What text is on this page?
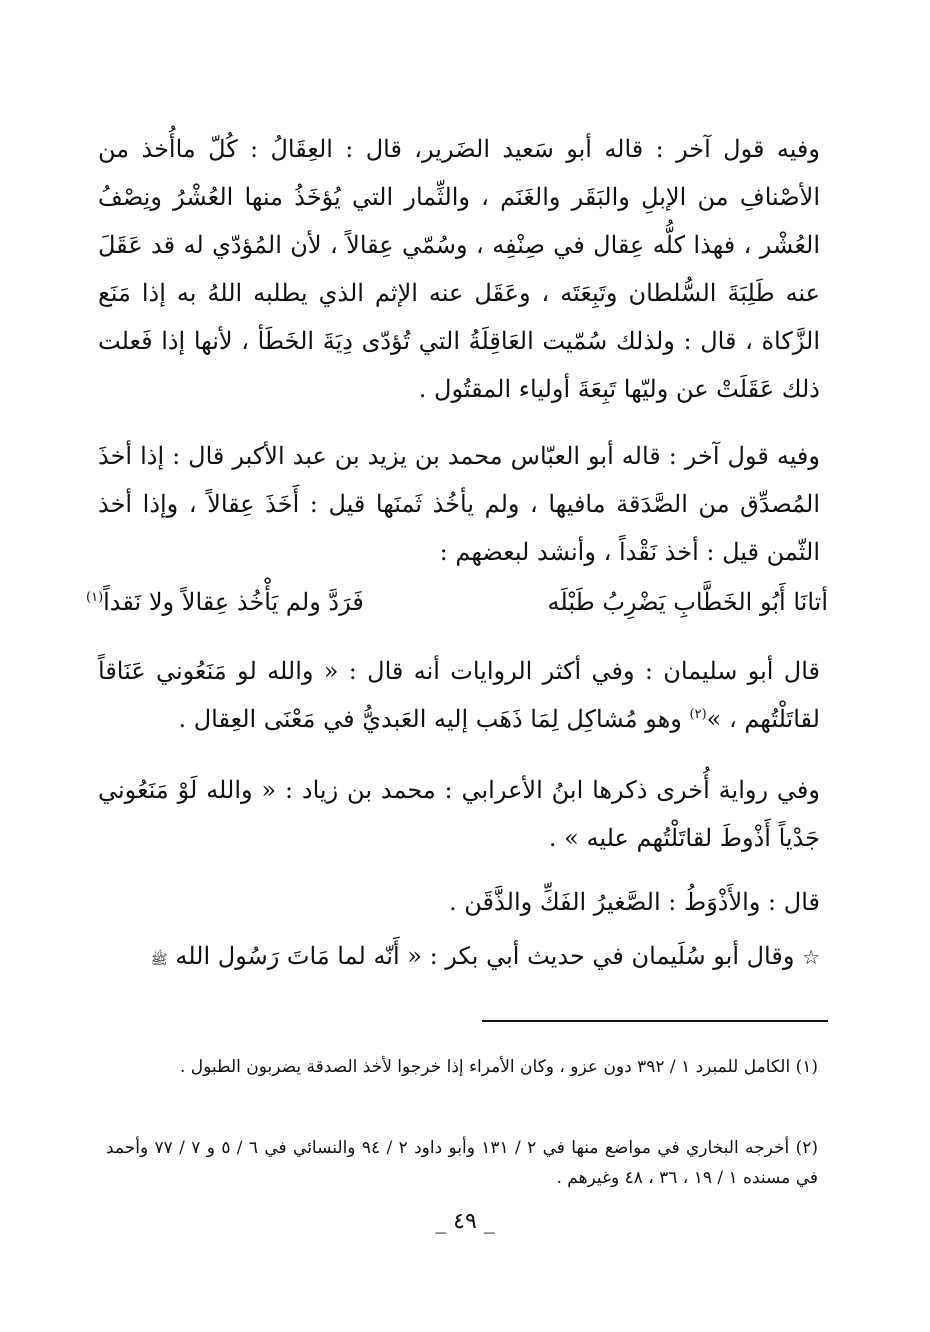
وفيه قول آخر : قاله أبو سَعيد الضَرير، قال : العِقَالُ : كُلّ ماأُخذ من الأصْنافِ من الإبلِ والبَقَر والغَنَم ، والثِّمار التي يُؤخَذُ منها العُشْرُ ونِصْفُ العُشْر ، فهذا كلُّه عِقال في صِنْفِه ، وسُمّي عِقالاً ، لأن المُؤدّي له قد عَقَلَ عنه طَلِبَةَ السُّلطان وتَبِعَتَه ، وعَقَل عنه الإثم الذي يطلبه اللهُ به إذا مَنَع الزَّكاة ، قال : ولذلك سُمّيت العَاقِلَةُ التي تُؤدّى دِيَةَ الخَطَأ ، لأنها إذا فَعلت ذلك عَقَلَتْ عن وليّها تَبِعَةَ أولياء المقتُول .

وفيه قول آخر : قاله أبو العبّاس محمد بن يزيد بن عبد الأكبر قال : إذا أخذَ المُصدِّق من الصَّدَقة مافيها ، ولم يأخُذ ثَمنَها قيل : أَخَذَ عِقالاً ، وإذا أخذ الثّمن قيل : أخذ نَقْداً ، وأنشد لبعضهم :

أتانَا أَبُو الخَطَّابِ يَضْرِبُ طَبْلَه
فَرَدَّ ولم يَأْخُذ عِقالاً ولا نَقداً$^{(١)}$

قال أبو سليمان : وفي أكثر الروايات أنه قال : « والله لو مَنَعُوني عَنَاقاً لقاتَلْتُهم ، »$^{(٢)}$ وهو مُشاكِل لِمَا ذَهَب إليه العَبديُّ في مَعْنَى العِقال .

وفي رواية أُخرى ذكرها ابنُ الأعرابي : محمد بن زياد : « والله لَوْ مَنَعُوني جَدْياً أَذْوطَ لقاتَلْتُهم عليه » .

قال : والأَذْوَطُ : الصَّغيرُ الفَكِّ والذَّقَن .

☆ وقال أبو سُلَيمان في حديث أبي بكر : « أَنّه لما مَاتَ رَسُول الله ﷺ

(١) الكامل للمبرد ١ / ٣٩٢ دون عزو ، وكان الأمراء إذا خرجوا لأخذ الصدقة يضربون الطبول .

(٢) أخرجه البخاري في مواضع منها في ٢ / ١٣١ وأبو داود ٢ / ٩٤ والنسائي في ٦ / ٥ و ٧ / ٧٧ وأحمد في مسنده ١ / ١٩ ، ٣٦ ، ٤٨ وغيرهم .

_ ٤٩ _
